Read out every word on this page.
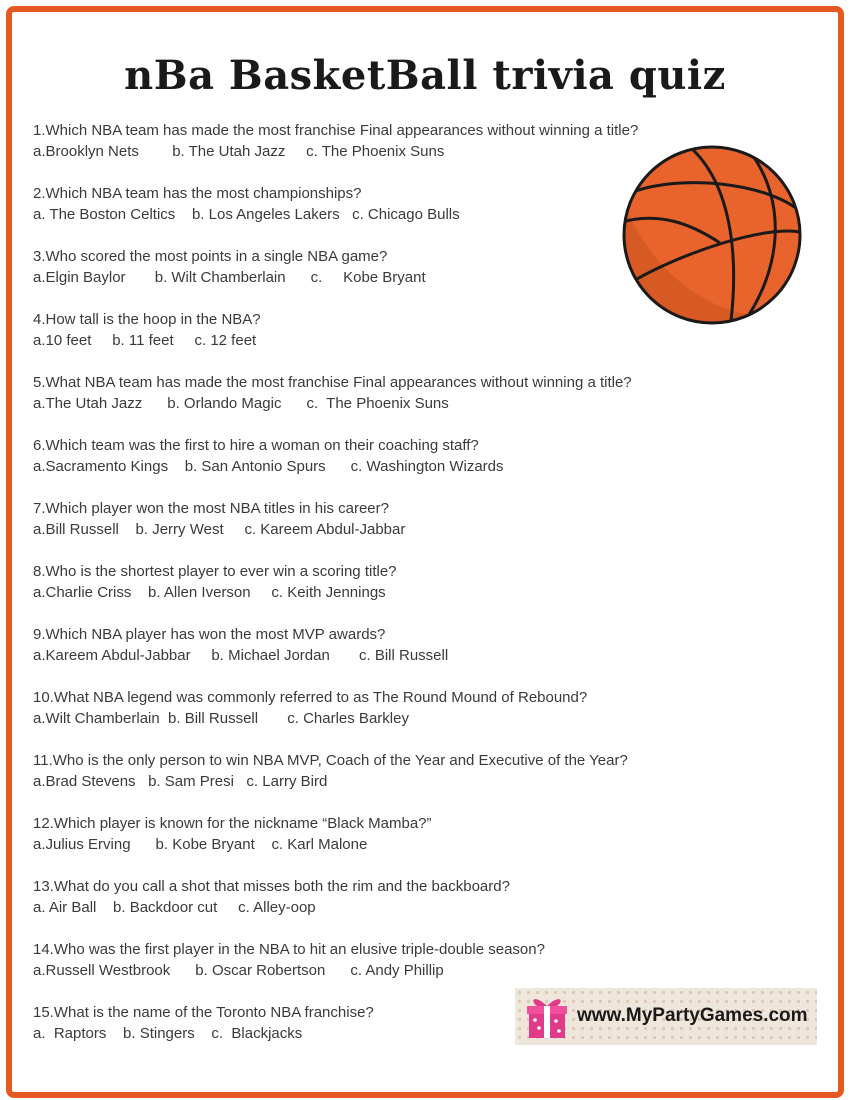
nBa BasketBall trivia quiz
1.Which NBA team has made the most franchise Final appearances without winning a title?
a.Brooklyn Nets        b. The Utah Jazz     c. The Phoenix Suns
2.Which NBA team has the most championships?
a. The Boston Celtics    b. Los Angeles Lakers   c. Chicago Bulls
3.Who scored the most points in a single NBA game?
a.Elgin Baylor       b. Wilt Chamberlain      c.     Kobe Bryant
4.How tall is the hoop in the NBA?
a.10 feet     b. 11 feet     c. 12 feet
5.What NBA team has made the most franchise Final appearances without winning a title?
a.The Utah Jazz      b. Orlando Magic      c.  The Phoenix Suns
6.Which team was the first to hire a woman on their coaching staff?
a.Sacramento Kings    b. San Antonio Spurs      c. Washington Wizards
7.Which player won the most NBA titles in his career?
a.Bill Russell    b. Jerry West     c. Kareem Abdul-Jabbar
8.Who is the shortest player to ever win a scoring title?
a.Charlie Criss    b. Allen Iverson     c. Keith Jennings
9.Which NBA player has won the most MVP awards?
a.Kareem Abdul-Jabbar     b. Michael Jordan       c. Bill Russell
10.What NBA legend was commonly referred to as The Round Mound of Rebound?
a.Wilt Chamberlain  b. Bill Russell       c. Charles Barkley
11.Who is the only person to win NBA MVP, Coach of the Year and Executive of the Year?
a.Brad Stevens   b. Sam Presi   c. Larry Bird
12.Which player is known for the nickname “Black Mamba?”
a.Julius Erving      b. Kobe Bryant    c. Karl Malone
13.What do you call a shot that misses both the rim and the backboard?
a. Air Ball    b. Backdoor cut     c. Alley-oop
14.Who was the first player in the NBA to hit an elusive triple-double season?
a.Russell Westbrook      b. Oscar Robertson      c. Andy Phillip
15.What is the name of the Toronto NBA franchise?
a.  Raptors    b. Stingers    c.  Blackjacks
www.MyPartyGames.com
